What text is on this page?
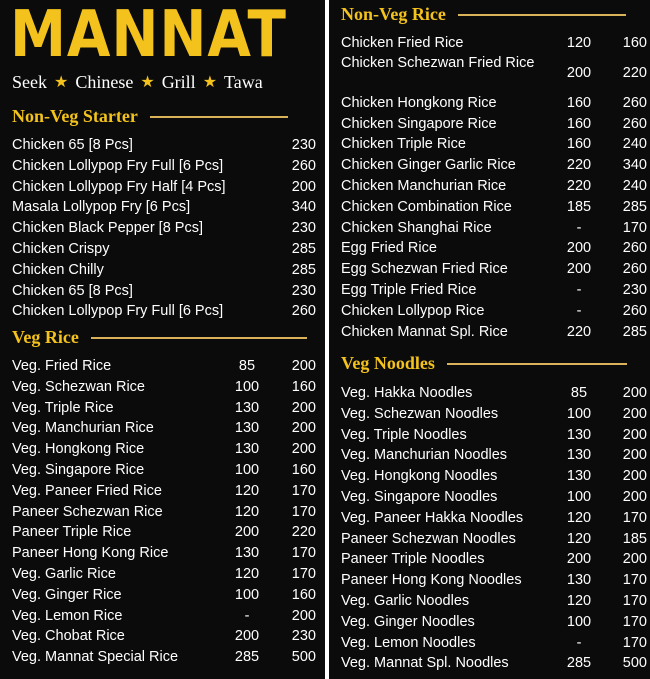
MANNAT
Seek ★ Chinese ★ Grill ★ Tawa
Non-Veg Starter
Chicken 65 [8 Pcs]	230
Chicken Lollypop Fry Full [6 Pcs]	260
Chicken Lollypop Fry Half [4 Pcs]	200
Masala Lollypop Fry [6 Pcs]	340
Chicken Black Pepper [8 Pcs]	230
Chicken Crispy	285
Chicken Chilly	285
Chicken 65 [8 Pcs]	230
Chicken Lollypop Fry Full [6 Pcs]	260
Veg Rice
Veg. Fried Rice	85	200
Veg. Schezwan Rice	100	160
Veg. Triple Rice	130	200
Veg. Manchurian Rice	130	200
Veg. Hongkong Rice	130	200
Veg. Singapore Rice	100	160
Veg. Paneer Fried Rice	120	170
Paneer Schezwan Rice	120	170
Paneer Triple Rice	200	220
Paneer Hong Kong Rice	130	170
Veg. Garlic Rice	120	170
Veg. Ginger Rice	100	160
Veg. Lemon Rice	-	200
Veg. Chobat Rice	200	230
Veg. Mannat Special Rice	285	500
Non-Veg Rice
Chicken Fried Rice	120	160
Chicken Schezwan Fried Rice
200	220
Chicken Hongkong Rice	160	260
Chicken Singapore Rice	160	260
Chicken Triple Rice	160	240
Chicken Ginger Garlic Rice	220	340
Chicken Manchurian Rice	220	240
Chicken Combination Rice	185	285
Chicken Shanghai Rice	-	170
Egg Fried Rice	200	260
Egg Schezwan Fried Rice	200	260
Egg Triple Fried Rice	-	230
Chicken Lollypop Rice	-	260
Chicken Mannat Spl. Rice	220	285
Veg Noodles
Veg. Hakka Noodles	85	200
Veg. Schezwan Noodles	100	200
Veg. Triple Noodles	130	200
Veg. Manchurian Noodles	130	200
Veg. Hongkong Noodles	130	200
Veg. Singapore Noodles	100	200
Veg. Paneer Hakka Noodles	120	170
Paneer Schezwan Noodles	120	185
Paneer Triple Noodles	200	200
Paneer Hong Kong Noodles	130	170
Veg. Garlic Noodles	120	170
Veg. Ginger Noodles	100	170
Veg. Lemon Noodles	-	170
Veg. Mannat Spl. Noodles	285	500
